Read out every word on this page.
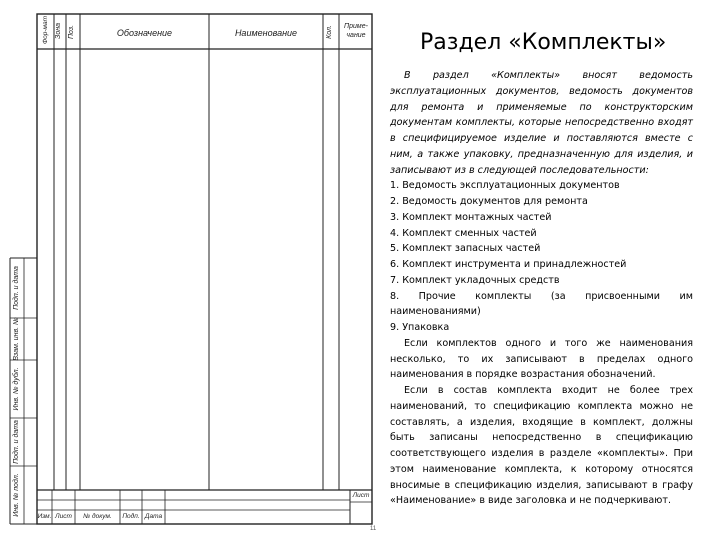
Фор-мат Зона Поз.	Обозначение	Наименование	Кол.	Приме-чание
Подп. и дата
Взам. инв. №
Инв. № дубл.
Подп. и дата
Инв. № подл.	Изм. Лист	№ докум.	Подп. Дата
Лист
11
Раздел «Комплекты»

В раздел «Комплекты» вносят ведомость эксплуатационных документов, ведомость документов для ремонта и применяемые по конструкторским документам комплекты, которые непосредственно входят в специфицируемое изделие и поставляются вместе с ним, а также упаковку, предназначенную для изделия, и записывают из в следующей последовательности:

1. Ведомость эксплуатационных документов

2. Ведомость документов для ремонта

3. Комплект монтажных частей

4. Комплект сменных частей

5. Комплект запасных частей

6. Комплект инструмента и принадлежностей

7. Комплект укладочных средств

8. Прочие комплекты (за присвоенными им наименованиями)

9. Упаковка

Если комплектов одного и того же наименования несколько, то их записывают в пределах одного наименования в порядке возрастания обозначений.

Если в состав комплекта входит не более трех наименований, то спецификацию комплекта можно не составлять, а изделия, входящие в комплект, должны быть записаны непосредственно в спецификацию соответствующего изделия в разделе «комплекты». При этом наименование комплекта, к которому относятся вносимые в спецификацию изделия, записывают в графу «Наименование» в виде заголовка и не подчеркивают.
